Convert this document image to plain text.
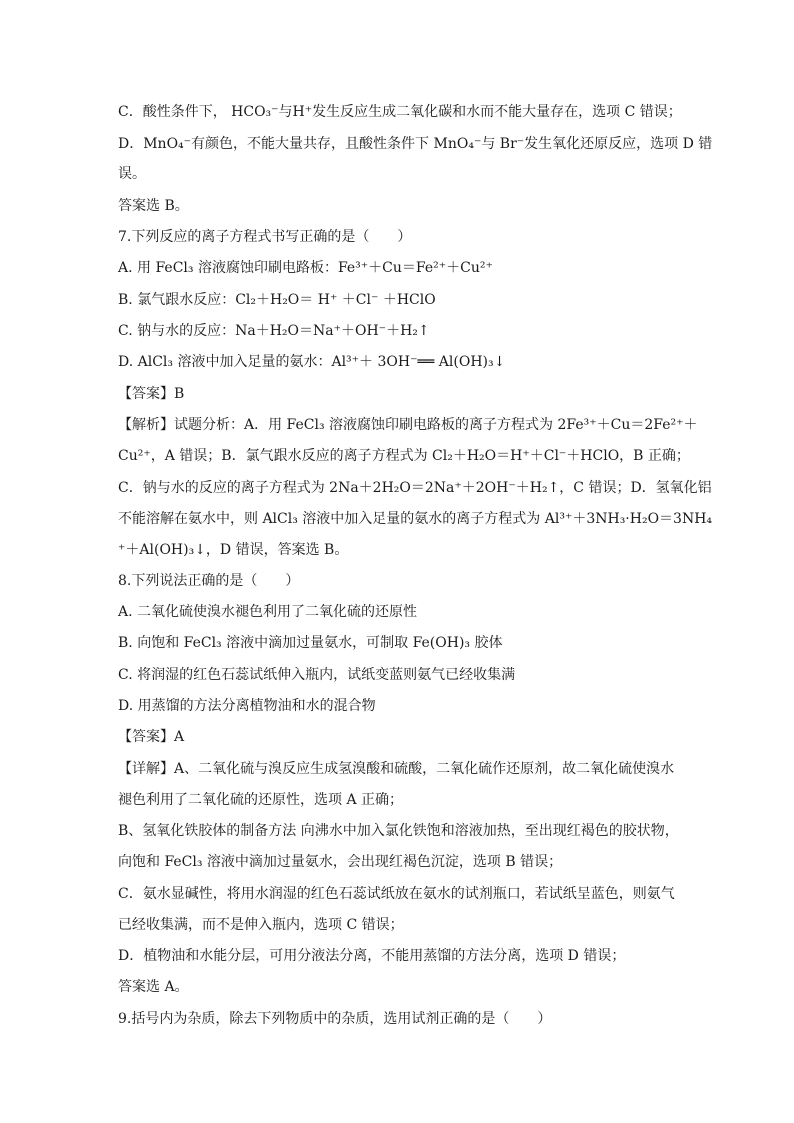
C．酸性条件下， HCO₃⁻与H⁺发生反应生成二氧化碳和水而不能大量存在，选项 C 错误；
D．MnO₄⁻有颜色，不能大量共存，且酸性条件下 MnO₄⁻与 Br⁻发生氧化还原反应，选项 D 错
误。
答案选 B。
7.下列反应的离子方程式书写正确的是（　　）
A. 用 FeCl₃ 溶液腐蚀印刷电路板：Fe³⁺＋Cu＝Fe²⁺＋Cu²⁺
B. 氯气跟水反应：Cl₂＋H₂O＝ H⁺ ＋Cl⁻ ＋HClO
C. 钠与水的反应：Na＋H₂O＝Na⁺＋OH⁻＋H₂↑
D. AlCl₃ 溶液中加入足量的氨水：Al³⁺＋ 3OH⁻══ Al(OH)₃↓
【答案】B
【解析】试题分析：A．用 FeCl₃ 溶液腐蚀印刷电路板的离子方程式为 2Fe³⁺＋Cu＝2Fe²⁺＋
Cu²⁺，A 错误；B．氯气跟水反应的离子方程式为 Cl₂＋H₂O＝H⁺＋Cl⁻＋HClO，B 正确；
C．钠与水的反应的离子方程式为 2Na＋2H₂O＝2Na⁺＋2OH⁻＋H₂↑，C 错误；D．氢氧化铝
不能溶解在氨水中，则 AlCl₃ 溶液中加入足量的氨水的离子方程式为 Al³⁺＋3NH₃·H₂O＝3NH₄
⁺＋Al(OH)₃↓，D 错误，答案选 B。
8.下列说法正确的是（　　）
A. 二氧化硫使溴水褪色利用了二氧化硫的还原性
B. 向饱和 FeCl₃ 溶液中滴加过量氨水，可制取 Fe(OH)₃ 胶体
C. 将润湿的红色石蕊试纸伸入瓶内，试纸变蓝则氨气已经收集满
D. 用蒸馏的方法分离植物油和水的混合物
【答案】A
【详解】A、二氧化硫与溴反应生成氢溴酸和硫酸，二氧化硫作还原剂，故二氧化硫使溴水
褪色利用了二氧化硫的还原性，选项 A 正确；
B、氢氧化铁胶体的制备方法 向沸水中加入氯化铁饱和溶液加热，至出现红褐色的胶状物，
向饱和 FeCl₃ 溶液中滴加过量氨水，会出现红褐色沉淀，选项 B 错误；
C．氨水显碱性，将用水润湿的红色石蕊试纸放在氨水的试剂瓶口，若试纸呈蓝色，则氨气
已经收集满，而不是伸入瓶内，选项 C 错误；
D．植物油和水能分层，可用分液法分离，不能用蒸馏的方法分离，选项 D 错误；
答案选 A。
9.括号内为杂质，除去下列物质中的杂质，选用试剂正确的是（　　）
